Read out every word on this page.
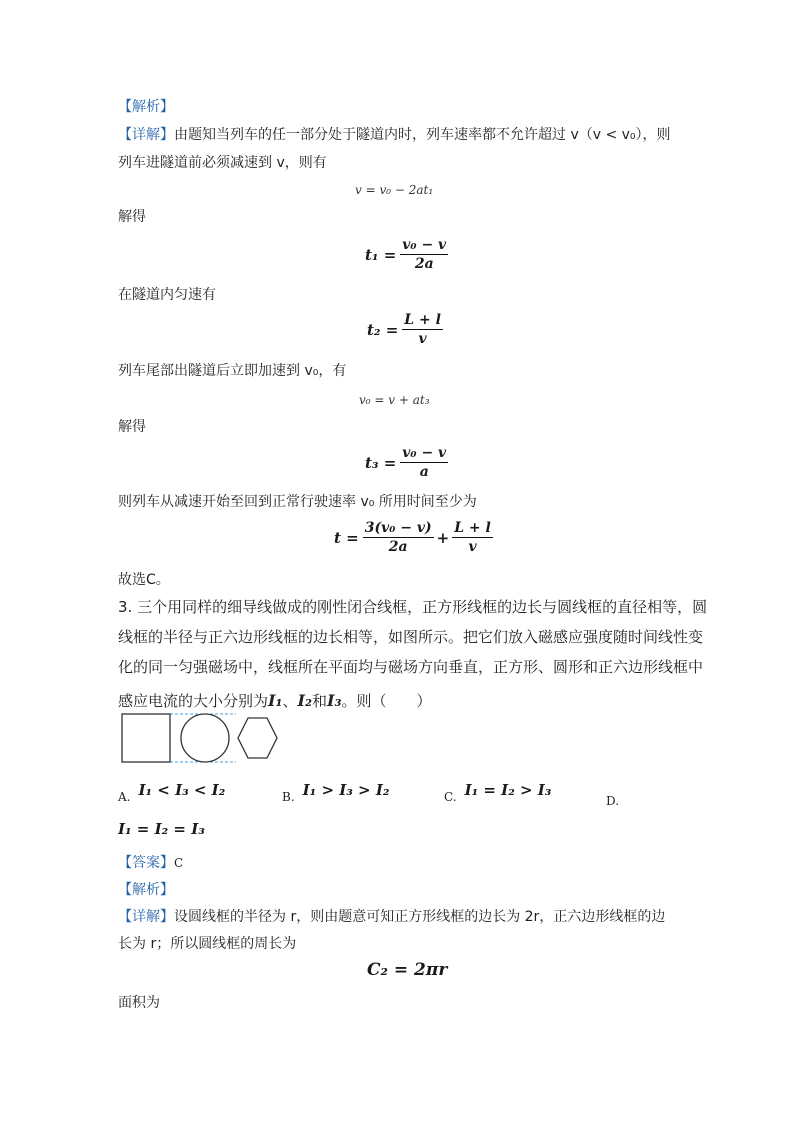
【解析】
【详解】由题知当列车的任一部分处于隧道内时，列车速率都不允许超过 v（v < v₀），则
列车进隧道前必须减速到 v，则有
v = v₀ − 2at₁
解得
$t_1 = \frac{\text{v₀ − v}}{2a}$
在隧道内匀速有
$t_2 = \frac{L + l}{v}$
列车尾部出隧道后立即加速到 v₀，有
v₀ = v + at₃
解得
$t_3 = \frac{\text{v₀ − v}}{a}$
则列车从减速开始至回到正常行驶速率 v₀ 所用时间至少为
$t = \frac{\text{3(v₀ − v)}}{2a} + \frac{L + l}{v}$
故选C。
3. 三个用同样的细导线做成的刚性闭合线框，正方形线框的边长与圆线框的直径相等，圆
线框的半径与正六边形线框的边长相等，如图所示。把它们放入磁感应强度随时间线性变
化的同一匀强磁场中，线框所在平面均与磁场方向垂直，正方形、圆形和正六边形线框中
感应电流的大小分别为 I₁ 、 I₂ 和 I₃ 。则（　　）
A. I₁ < I₃ < I₂	B. I₁ > I₃ > I₂	C. I₁ = I₂ > I₃
D.
I₁ = I₂ = I₃
【答案】C
【解析】
【详解】设圆线框的半径为 r，则由题意可知正方形线框的边长为 2r，正六边形线框的边
长为 r；所以圆线框的周长为
C₂ = 2πr
面积为
